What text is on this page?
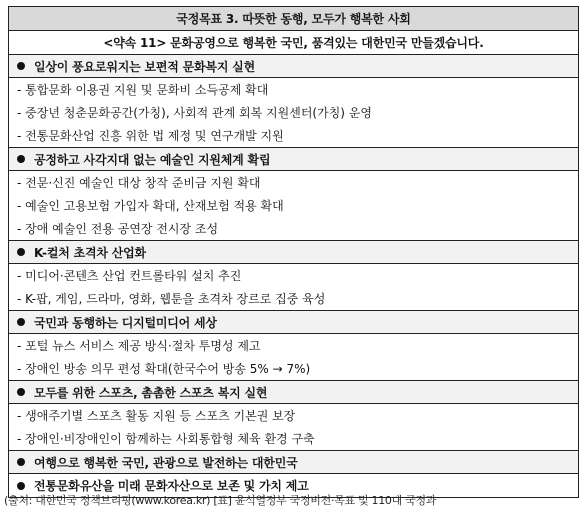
국정목표 3. 따뜻한 동행, 모두가 행복한 사회
<약속 11> 문화공영으로 행복한 국민, 품격있는 대한민국 만들겠습니다.
일상이 풍요로워지는 보편적 문화복지 실현
- 통합문화 이용권 지원 및 문화비 소득공제 확대
- 중장년 청춘문화공간(가칭), 사회적 관계 회복 지원센터(가칭) 운영
- 전통문화산업 진흥 위한 법 제정 및 연구개발 지원
공정하고 사각지대 없는 예술인 지원체계 확립
- 전문·신진 예술인 대상 창작 준비금 지원 확대
- 예술인 고용보험 가입자 확대, 산재보험 적용 확대
- 장애 예술인 전용 공연장 전시장 조성
K-컬처 초격차 산업화
- 미디어·콘텐츠 산업 컨트롤타워 설치 추진
- K-팝, 게임, 드라마, 영화, 웹툰을 초격차 장르로 집중 육성
국민과 동행하는 디지털미디어 세상
- 포털 뉴스 서비스 제공 방식·절차 투명성 제고
- 장애인 방송 의무 편성 확대(한국수어 방송 5% → 7%)
모두를 위한 스포츠, 촘촘한 스포츠 복지 실현
- 생애주기별 스포츠 활동 지원 등 스포츠 기본권 보장
- 장애인·비장애인이 함께하는 사회통합형 체육 환경 구축
여행으로 행복한 국민, 관광으로 발전하는 대한민국
전통문화유산을 미래 문화자산으로 보존 및 가치 제고
(출처: 대한민국 정책브리핑(www.korea.kr) [표] 윤석열정부 국정비전·목표 및 110대 국정과
